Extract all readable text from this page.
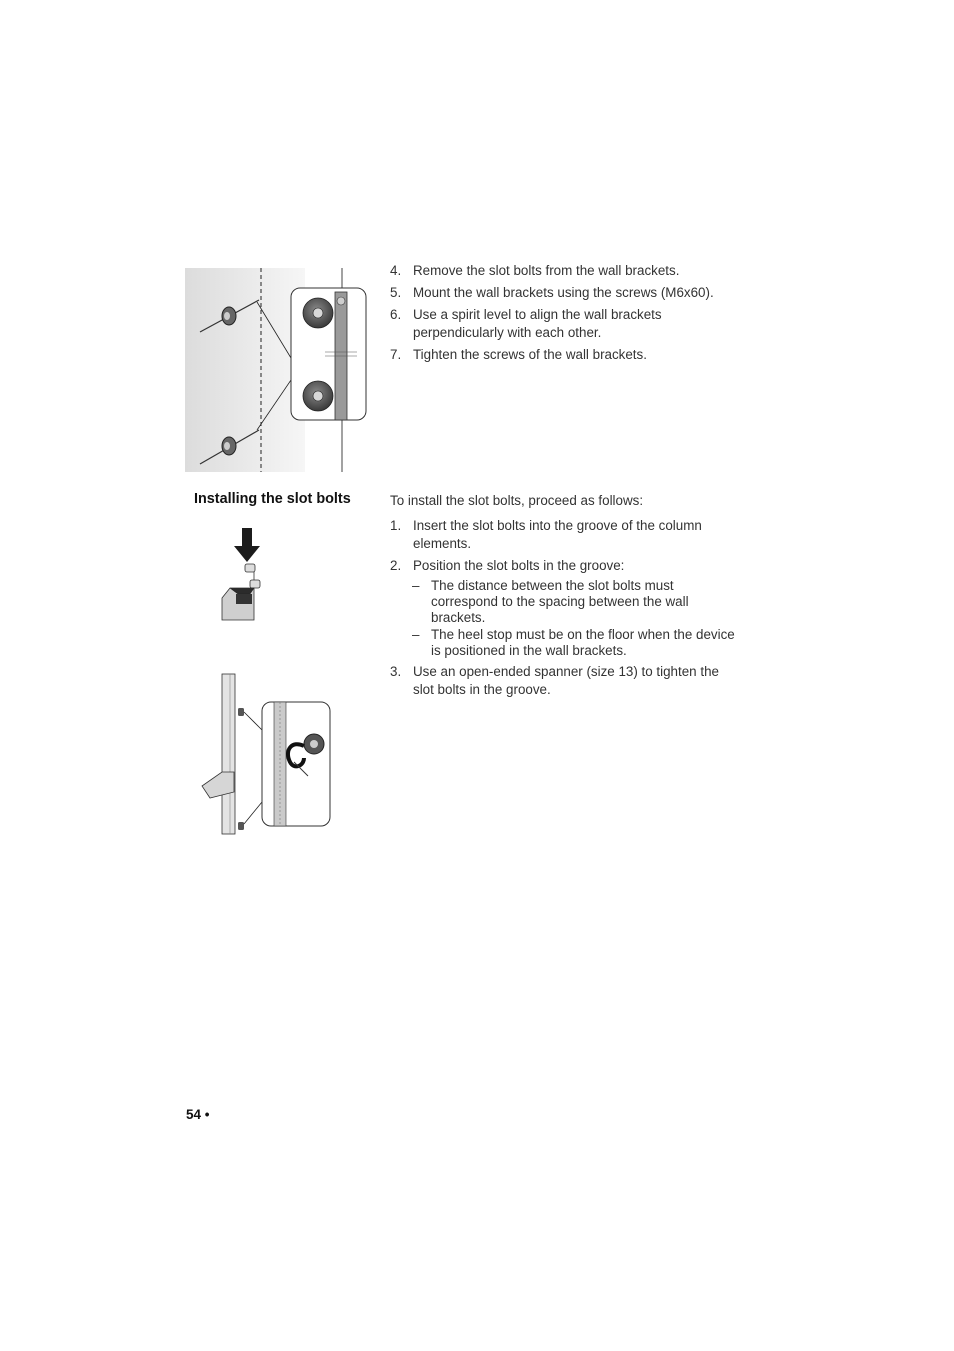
4. Remove the slot bolts from the wall brackets.
5. Mount the wall brackets using the screws (M6x60).
6. Use a spirit level to align the wall brackets perpendicularly with each other.
7. Tighten the screws of the wall brackets.
Installing the slot bolts	To install the slot bolts, proceed as follows:
1. Insert the slot bolts into the groove of the column elements.
2. Position the slot bolts in the groove:
– The distance between the slot bolts must correspond to the spacing between the wall brackets.
– The heel stop must be on the floor when the device is positioned in the wall brackets.
3. Use an open-ended spanner (size 13) to tighten the slot bolts in the groove.
54 •
